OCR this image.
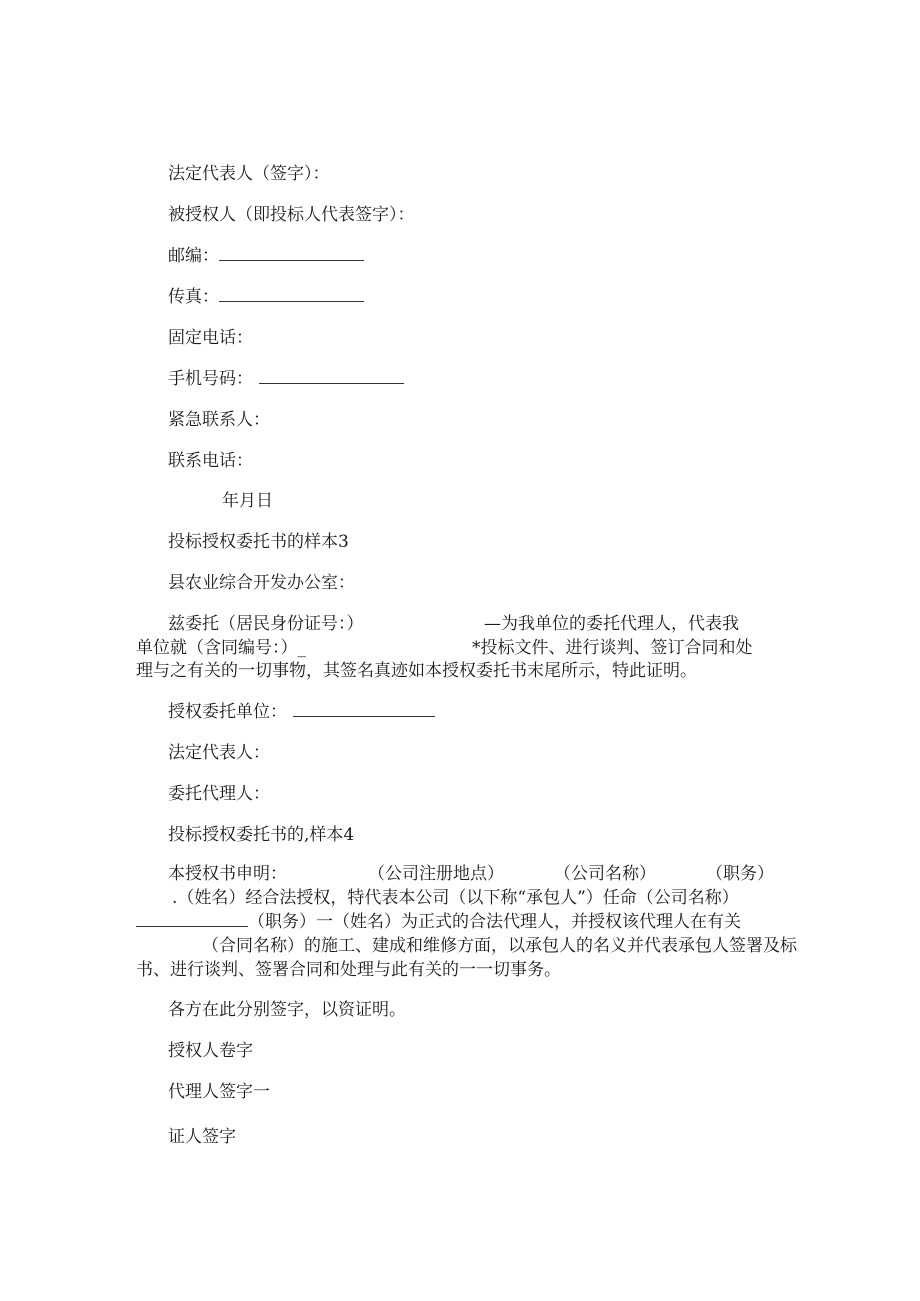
法定代表人（签字）：
被授权人（即投标人代表签字）：
邮编：
传真：
固定电话：
手机号码：
紧急联系人：
联系电话：
年月日
投标授权委托书的样本3
县农业综合开发办公室：
兹委托（居民身份证号：）	—为我单位的委托代理人，代表我
单位就（含同编号：）_	*投标文件、进行谈判、签订合同和处
理与之有关的一切事物，其签名真迹如本授权委托书末尾所示，特此证明。
授权委托单位：
法定代表人：
委托代理人：
投标授权委托书的,样本4
本授权书申明：	（公司注册地点）	（公司名称）	（职务）
.（姓名）经合法授权，特代表本公司（以下称“承包人”）任命（公司名称）
（职务）一（姓名）为正式的合法代理人，并授权该代理人在有关
（合同名称）的施工、建成和维修方面，以承包人的名义并代表承包人签署及标
书、进行谈判、签署合同和处理与此有关的一一切事务。
各方在此分别签字，以资证明。
授权人卷字
代理人签字一
证人签字
